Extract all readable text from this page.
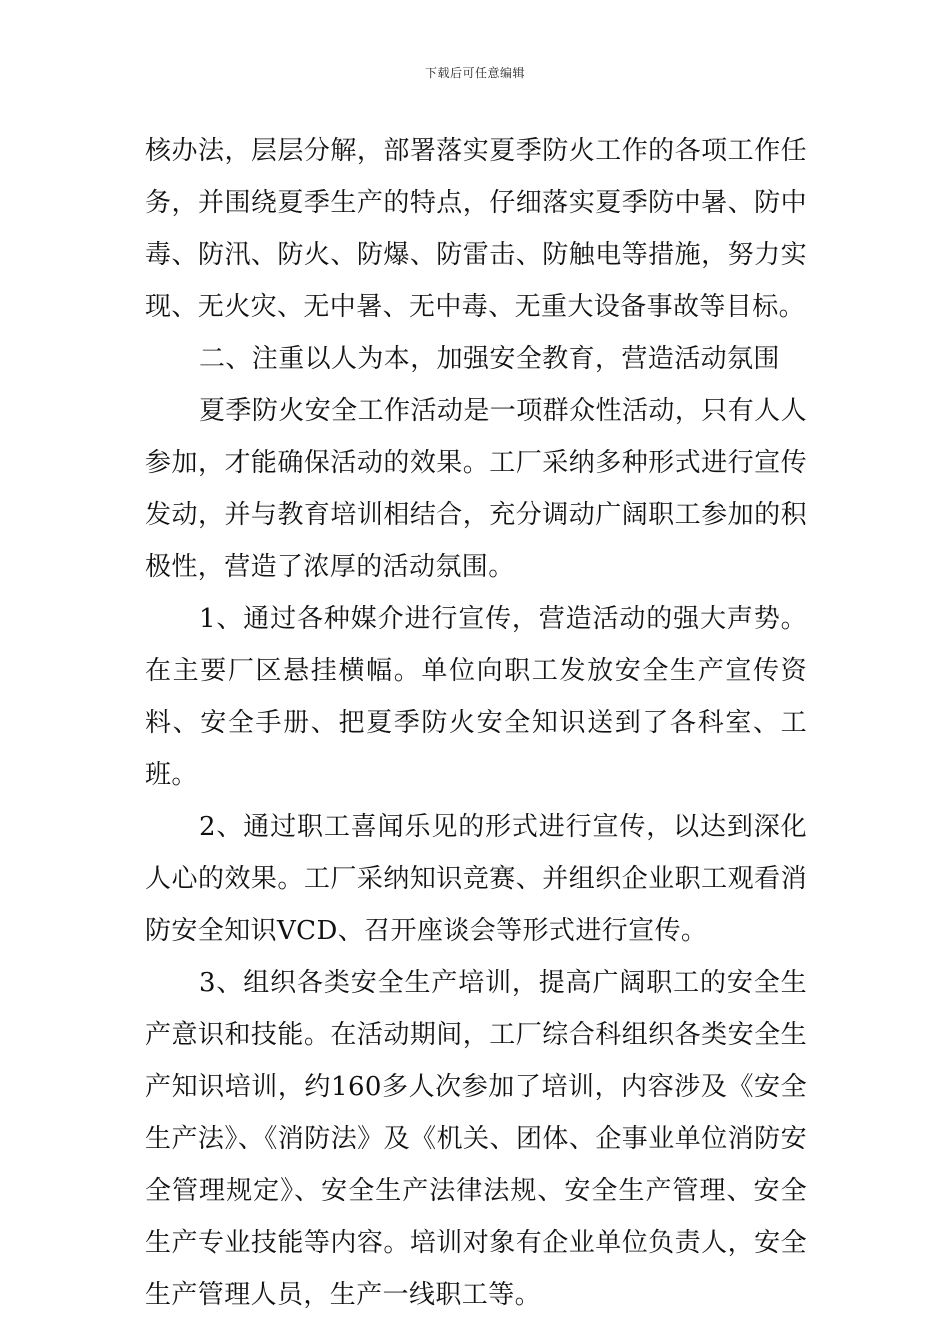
下载后可任意编辑

核办法，层层分解，部署落实夏季防火工作的各项工作任务，并围绕夏季生产的特点，仔细落实夏季防中暑、防中毒、防汛、防火、防爆、防雷击、防触电等措施，努力实现、无火灾、无中暑、无中毒、无重大设备事故等目标。

二、注重以人为本，加强安全教育，营造活动氛围

夏季防火安全工作活动是一项群众性活动，只有人人参加，才能确保活动的效果。工厂采纳多种形式进行宣传发动，并与教育培训相结合，充分调动广阔职工参加的积极性，营造了浓厚的活动氛围。

1、通过各种媒介进行宣传，营造活动的强大声势。在主要厂区悬挂横幅。单位向职工发放安全生产宣传资料、安全手册、把夏季防火安全知识送到了各科室、工班。

2、通过职工喜闻乐见的形式进行宣传，以达到深化人心的效果。工厂采纳知识竞赛、并组织企业职工观看消防安全知识VCD、召开座谈会等形式进行宣传。

3、组织各类安全生产培训，提高广阔职工的安全生产意识和技能。在活动期间，工厂综合科组织各类安全生产知识培训，约160多人次参加了培训，内容涉及《安全生产法》、《消防法》及《机关、团体、企事业单位消防安全管理规定》、安全生产法律法规、安全生产管理、安全生产专业技能等内容。培训对象有企业单位负责人，安全生产管理人员，生产一线职工等。
